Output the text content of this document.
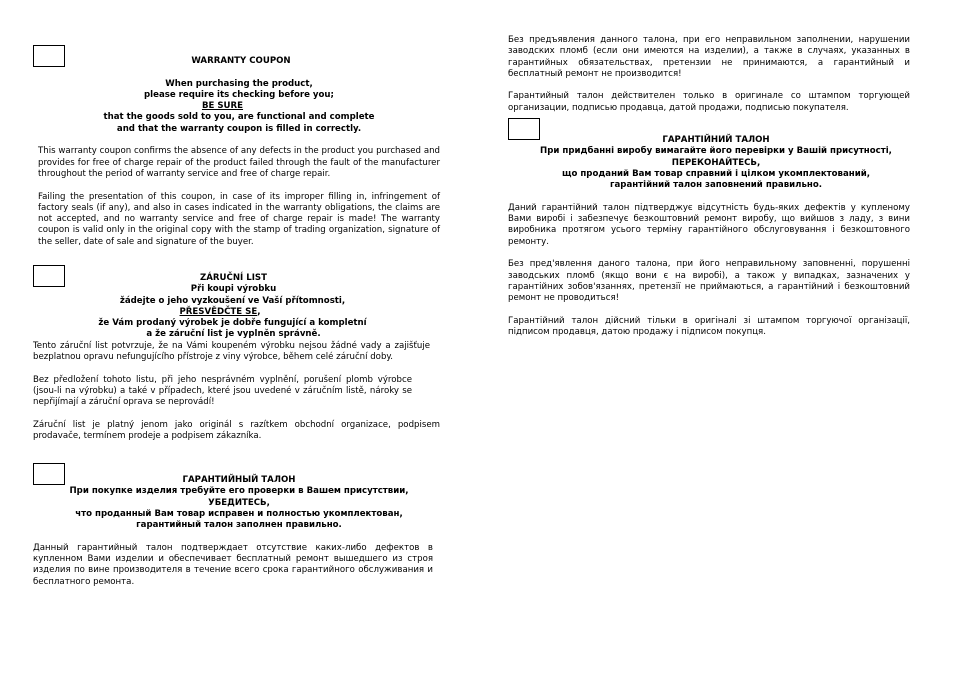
WARRANTY COUPON

When purchasing the product,

please require its checking before you;

BE SURE

that the goods sold to you, are functional and complete

and that the warranty coupon is filled in correctly.

This warranty coupon confirms the absence of any defects in the product you purchased and provides for free of charge repair of the product failed through the fault of the manufacturer throughout the period of warranty service and free of charge repair.

Failing the presentation of this coupon, in case of its improper filling in, infringement of factory seals (if any), and also in cases indicated in the warranty obligations, the claims are not accepted, and no warranty service and free of charge repair is made! The warranty coupon is valid only in the original copy with the stamp of trading organization, signature of the seller, date of sale and signature of the buyer.

ZÁRUČNÍ LIST

Při koupi výrobku

žádejte o jeho vyzkoušení ve Vaší přítomnosti,

PŘESVĚDČTE SE,

že Vám prodaný výrobek je dobře fungující a kompletní

a že záruční list je vyplněn správně.

Tento záruční list potvrzuje, že na Vámi koupeném výrobku nejsou žádné vady a zajišťuje bezplatnou opravu nefungujícího přístroje z viny výrobce, během celé záruční doby.

Bez předložení tohoto listu, při jeho nesprávném vyplnění, porušení plomb výrobce (jsou-li na výrobku) a také v případech, které jsou uvedené v záručním listě, nároky se nepřijímají a záruční oprava se neprovádí!

Záruční list je platný jenom jako originál s razítkem obchodní organizace, podpisem prodavače, termínem prodeje a podpisem zákazníka.

ГАРАНТИЙНЫЙ ТАЛОН

При покупке изделия требуйте его проверки в Вашем присутствии,

УБЕДИТЕСЬ,

что проданный Вам товар исправен и полностью укомплектован,

гарантийный талон заполнен правильно.

Данный гарантийный талон подтверждает отсутствие каких-либо дефектов в купленном Вами изделии и обеспечивает бесплатный ремонт вышедшего из строя изделия по вине производителя в течение всего срока гарантийного обслуживания и бесплатного ремонта.

Без предъявления данного талона, при его неправильном заполнении, нарушении заводских пломб (если они имеются на изделии), а также в случаях, указанных в гарантийных обязательствах, претензии не принимаются, а гарантийный и бесплатный ремонт не производится!

Гарантийный талон действителен только в оригинале со штампом торгующей организации, подписью продавца, датой продажи, подписью покупателя.

ГАРАНТІЙНИЙ ТАЛОН

При придбанні виробу вимагайте його перевірки у Вашій присутності,

ПЕРЕКОНАЙТЕСЬ,

що проданий Вам товар справний і цілком укомплектований,

гарантійний талон заповнений правильно.

Даний гарантійний талон підтверджує відсутність будь-яких дефектів у купленому Вами виробі і забезпечує безкоштовний ремонт виробу, що вийшов з ладу, з вини виробника протягом усього терміну гарантійного обслуговування і безкоштовного ремонту.

Без пред'явлення даного талона, при його неправильному заповненні, порушенні заводських пломб (якщо вони є на виробі), а також у випадках, зазначених у гарантійних зобов'язаннях, претензії не приймаються, а гарантійний і безкоштовний ремонт не проводиться!

Гарантійний талон дійсний тільки в оригіналі зі штампом торгуючої організації, підписом продавця, датою продажу і підписом покупця.
